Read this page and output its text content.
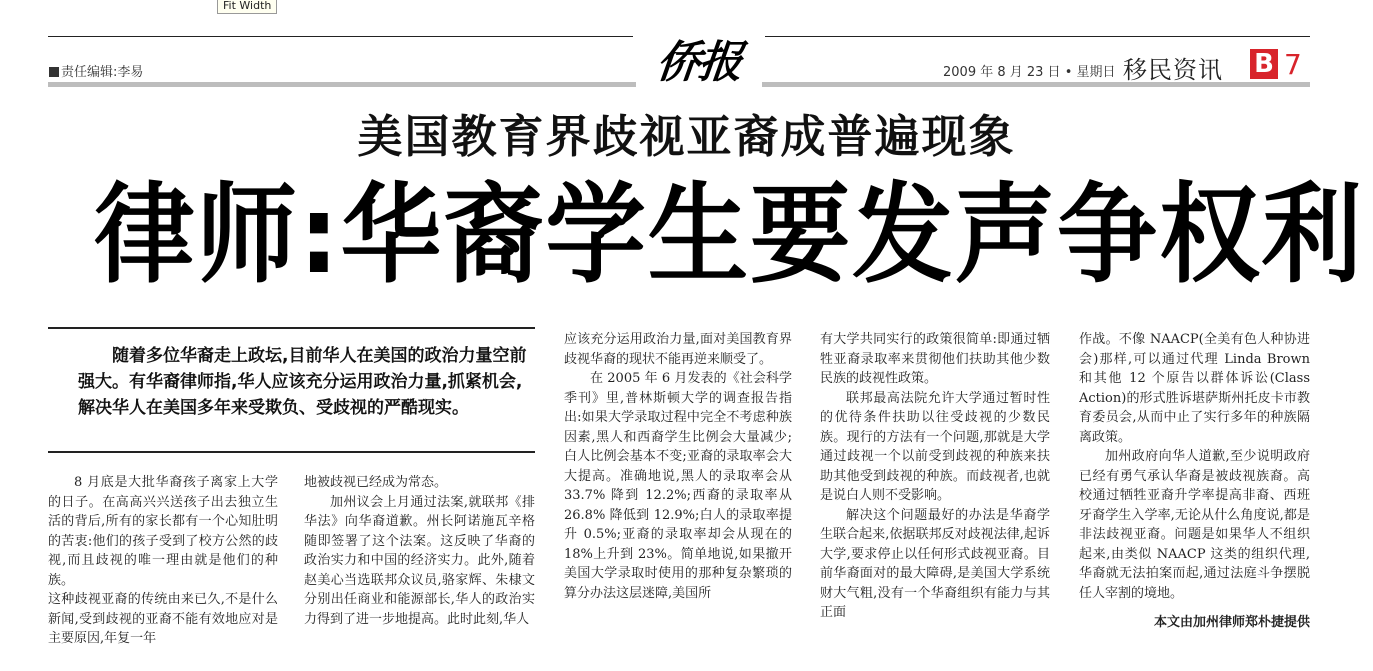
Fit Width
责任编辑:李易	侨报	2009 年 8 月 23 日 • 星期日 移民资讯 B 7
美国教育界歧视亚裔成普遍现象
律师:华裔学生要发声争权利

随着多位华裔走上政坛,目前华人在美国的政治力量空前强大。有华裔律师指,华人应该充分运用政治力量,抓紧机会,解决华人在美国多年来受欺负、受歧视的严酷现实。

8 月底是大批华裔孩子离家上大学的日子。在高高兴兴送孩子出去独立生活的背后,所有的家长都有一个心知肚明的苦衷:他们的孩子受到了校方公然的歧视,而且歧视的唯一理由就是他们的种族。

这种歧视亚裔的传统由来已久,不是什么新闻,受到歧视的亚裔不能有效地应对是主要原因,年复一年

地被歧视已经成为常态。

加州议会上月通过法案,就联邦《排华法》向华裔道歉。州长阿诺施瓦辛格随即签署了这个法案。这反映了华裔的政治实力和中国的经济实力。此外,随着赵美心当选联邦众议员,骆家辉、朱棣文分别出任商业和能源部长,华人的政治实力得到了进一步地提高。此时此刻,华人

应该充分运用政治力量,面对美国教育界歧视华裔的现状不能再逆来顺受了。

在 2005 年 6 月发表的《社会科学季刊》里,普林斯顿大学的调查报告指出:如果大学录取过程中完全不考虑种族因素,黑人和西裔学生比例会大量减少;白人比例会基本不变;亚裔的录取率会大大提高。准确地说,黑人的录取率会从 33.7% 降到 12.2%;西裔的录取率从 26.8% 降低到 12.9%;白人的录取率提升 0.5%;亚裔的录取率却会从现在的 18%上升到 23%。简单地说,如果撤开美国大学录取时使用的那种复杂繁琐的算分办法这层迷障,美国所

有大学共同实行的政策很简单:即通过牺牲亚裔录取率来贯彻他们扶助其他少数民族的歧视性政策。

联邦最高法院允许大学通过暂时性的优待条件扶助以往受歧视的少数民族。现行的方法有一个问题,那就是大学通过歧视一个以前受到歧视的种族来扶助其他受到歧视的种族。而歧视者,也就是说白人则不受影响。

解决这个问题最好的办法是华裔学生联合起来,依据联邦反对歧视法律,起诉大学,要求停止以任何形式歧视亚裔。目前华裔面对的最大障碍,是美国大学系统财大气粗,没有一个华裔组织有能力与其正面

作战。不像 NAACP(全美有色人种协进会)那样,可以通过代理 Linda Brown 和其他 12 个原告以群体诉讼(Class Action)的形式胜诉堪萨斯州托皮卡市教育委员会,从而中止了实行多年的种族隔离政策。

加州政府向华人道歉,至少说明政府已经有勇气承认华裔是被歧视族裔。高校通过牺牲亚裔升学率提高非裔、西班牙裔学生入学率,无论从什么角度说,都是非法歧视亚裔。问题是如果华人不组织起来,由类似 NAACP 这类的组织代理,华裔就无法拍案而起,通过法庭斗争摆脱任人宰割的境地。

本文由加州律师郑朴捷提供
